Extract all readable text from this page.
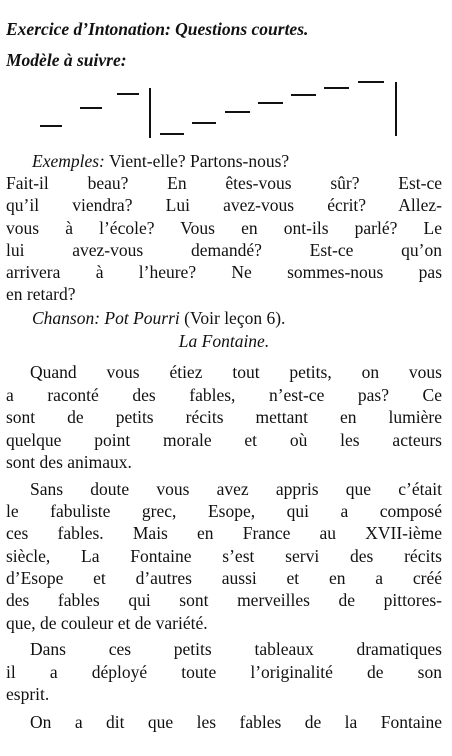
Exercice d’Intonation: Questions courtes.
Modèle à suivre:
Exemples: Vient-elle? Partons-nous?
Fait-il beau? En êtes-vous sûr? Est-ce
qu’il viendra? Lui avez-vous écrit? Allez-
vous à l’école? Vous en ont-ils parlé? Le
lui avez-vous demandé? Est-ce qu’on
arrivera à l’heure? Ne sommes-nous pas
en retard?
Chanson: Pot Pourri (Voir leçon 6).
La Fontaine.
Quand vous étiez tout petits, on vous
a raconté des fables, n’est-ce pas? Ce
sont de petits récits mettant en lumière
quelque point morale et où les acteurs
sont des animaux.
Sans doute vous avez appris que c’était
le fabuliste grec, Esope, qui a composé
ces fables. Mais en France au XVII-ième
siècle, La Fontaine s’est servi des récits
d’Esope et d’autres aussi et en a créé
des fables qui sont merveilles de pittores-
que, de couleur et de variété.
Dans ces petits tableaux dramatiques
il a déployé toute l’originalité de son
esprit.
On a dit que les fables de la Fontaine
